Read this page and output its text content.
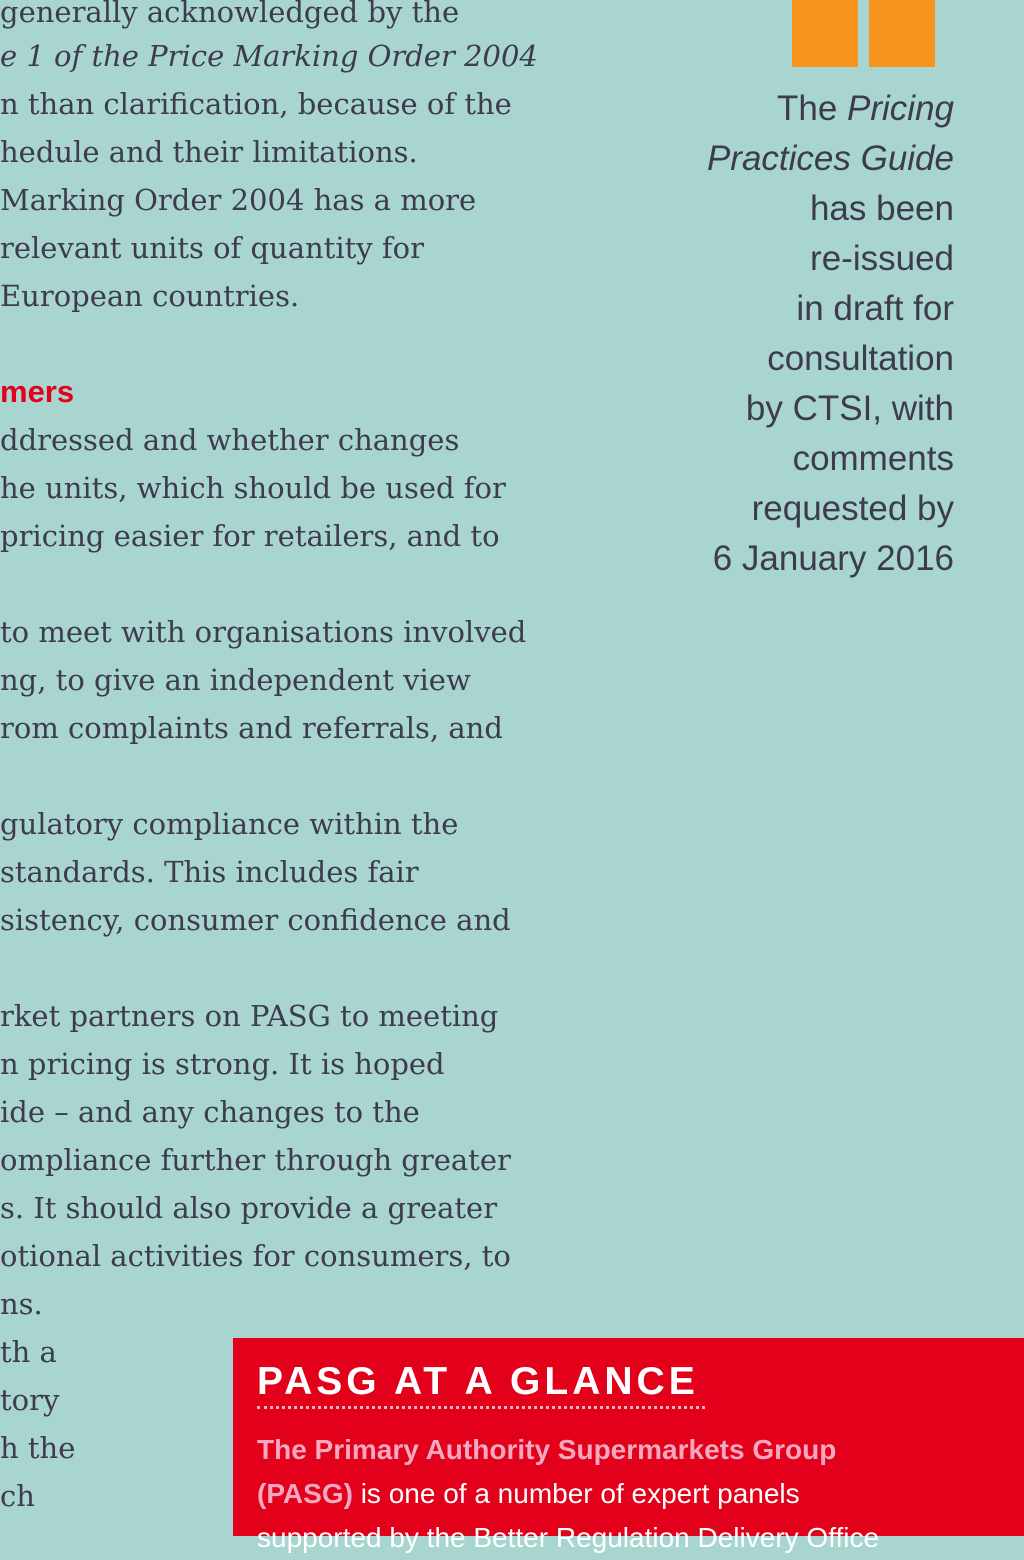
generally acknowledged by the
e 1 of the Price Marking Order 2004
n than clarification, because of the
hedule and their limitations.
Marking Order 2004 has a more
relevant units of quantity for
European countries.
mers
ddressed and whether changes
he units, which should be used for
pricing easier for retailers, and to
to meet with organisations involved
ng, to give an independent view
rom complaints and referrals, and
gulatory compliance within the
standards. This includes fair
sistency, consumer confidence and
rket partners on PASG to meeting
n pricing is strong. It is hoped
ide – and any changes to the
ompliance further through greater
s. It should also provide a greater
otional activities for consumers, to
ns.
th a
tory
h the
ch
The Pricing
Practices Guide
has been
re-issued
in draft for
consultation
by CTSI, with
comments
requested by
6 January 2016
PASG AT A GLANCE
The Primary Authority Supermarkets Group
(PASG) is one of a number of expert panels
supported by the Better Regulation Delivery Office
